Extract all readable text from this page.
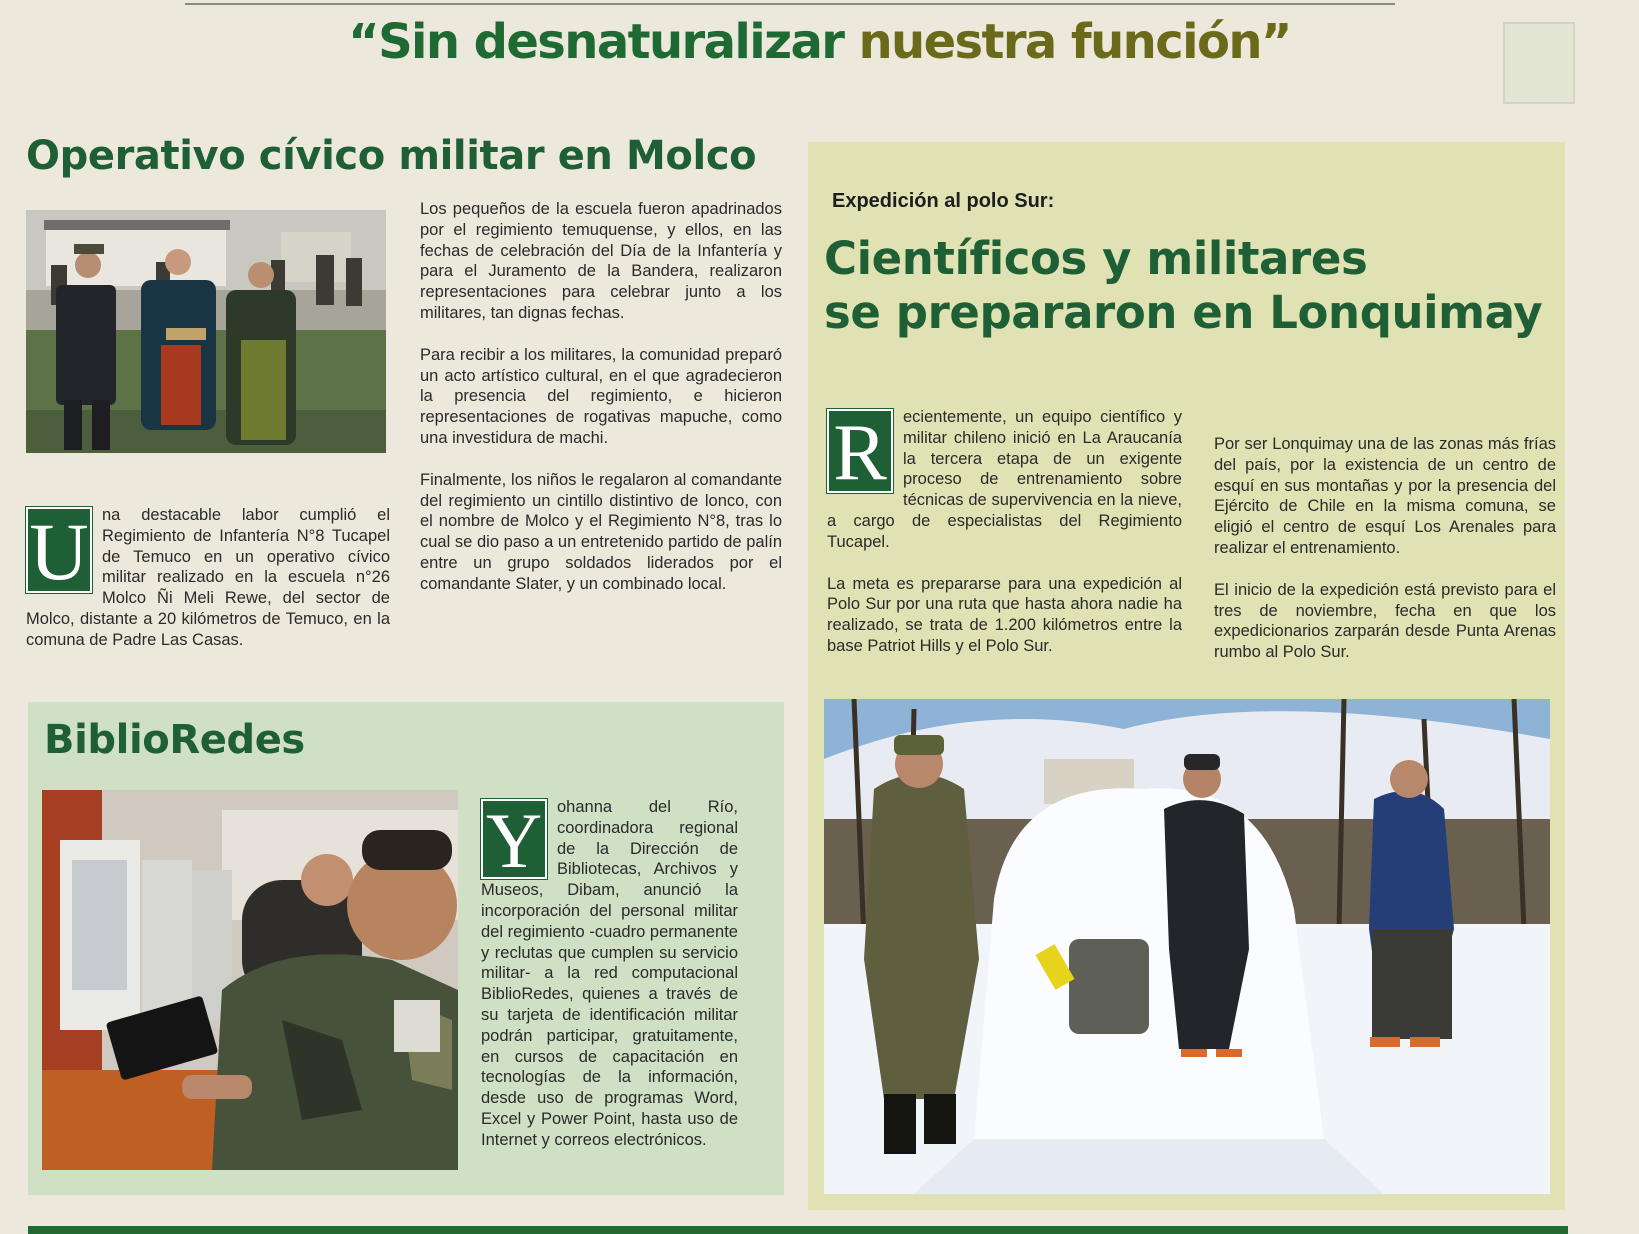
“Sin desnaturalizar nuestra función”
Operativo cívico militar en Molco
U na destacable labor cumplió el Regimiento de Infantería N°8 Tucapel de Temuco en un operativo cívico militar realizado en la escuela n°26 Molco Ñi Meli Rewe, del sector de Molco, distante a 20 kilómetros de Temuco, en la comuna de Padre Las Casas.

Los pequeños de la escuela fueron apadrinados por el regimiento temuquense, y ellos, en las fechas de celebración del Día de la Infantería y para el Juramento de la Bandera, realizaron representaciones para celebrar junto a los militares, tan dignas fechas.

Para recibir a los militares, la comunidad preparó un acto artístico cultural, en el que agradecieron la presencia del regimiento, e hicieron representaciones de rogativas mapuche, como una investidura de machi.

Finalmente, los niños le regalaron al comandante del regimiento un cintillo distintivo de lonco, con el nombre de Molco y el Regimiento N°8, tras lo cual se dio paso a un entretenido partido de palín entre un grupo soldados liderados por el comandante Slater, y un combinado local.

BiblioRedes
Y ohanna del Río, coordinadora regional de la Dirección de Bibliotecas, Archivos y Museos, Dibam, anunció la incorporación del personal militar del regimiento -cuadro permanente y reclutas que cumplen su servicio militar- a la red computacional BiblioRedes, quienes a través de su tarjeta de identificación militar podrán participar, gratuitamente, en cursos de capacitación en tecnologías de la información, desde uso de programas Word, Excel y Power Point, hasta uso de Internet y correos electrónicos.
Expedición al polo Sur:
Científicos y militares
se prepararon en Lonquimay

R ecientemente, un equipo científico y militar chileno inició en La Araucanía la tercera etapa de un exigente proceso de entrenamiento sobre técnicas de supervivencia en la nieve, a cargo de especialistas del Regimiento Tucapel.

La meta es prepararse para una expedición al Polo Sur por una ruta que hasta ahora nadie ha realizado, se trata de 1.200 kilómetros entre la base Patriot Hills y el Polo Sur.

Por ser Lonquimay una de las zonas más frías del país, por la existencia de un centro de esquí en sus montañas y por la presencia del Ejército de Chile en la misma comuna, se eligió el centro de esquí Los Arenales para realizar el entrenamiento.

El inicio de la expedición está previsto para el tres de noviembre, fecha en que los expedicionarios zarparán desde Punta Arenas rumbo al Polo Sur.
